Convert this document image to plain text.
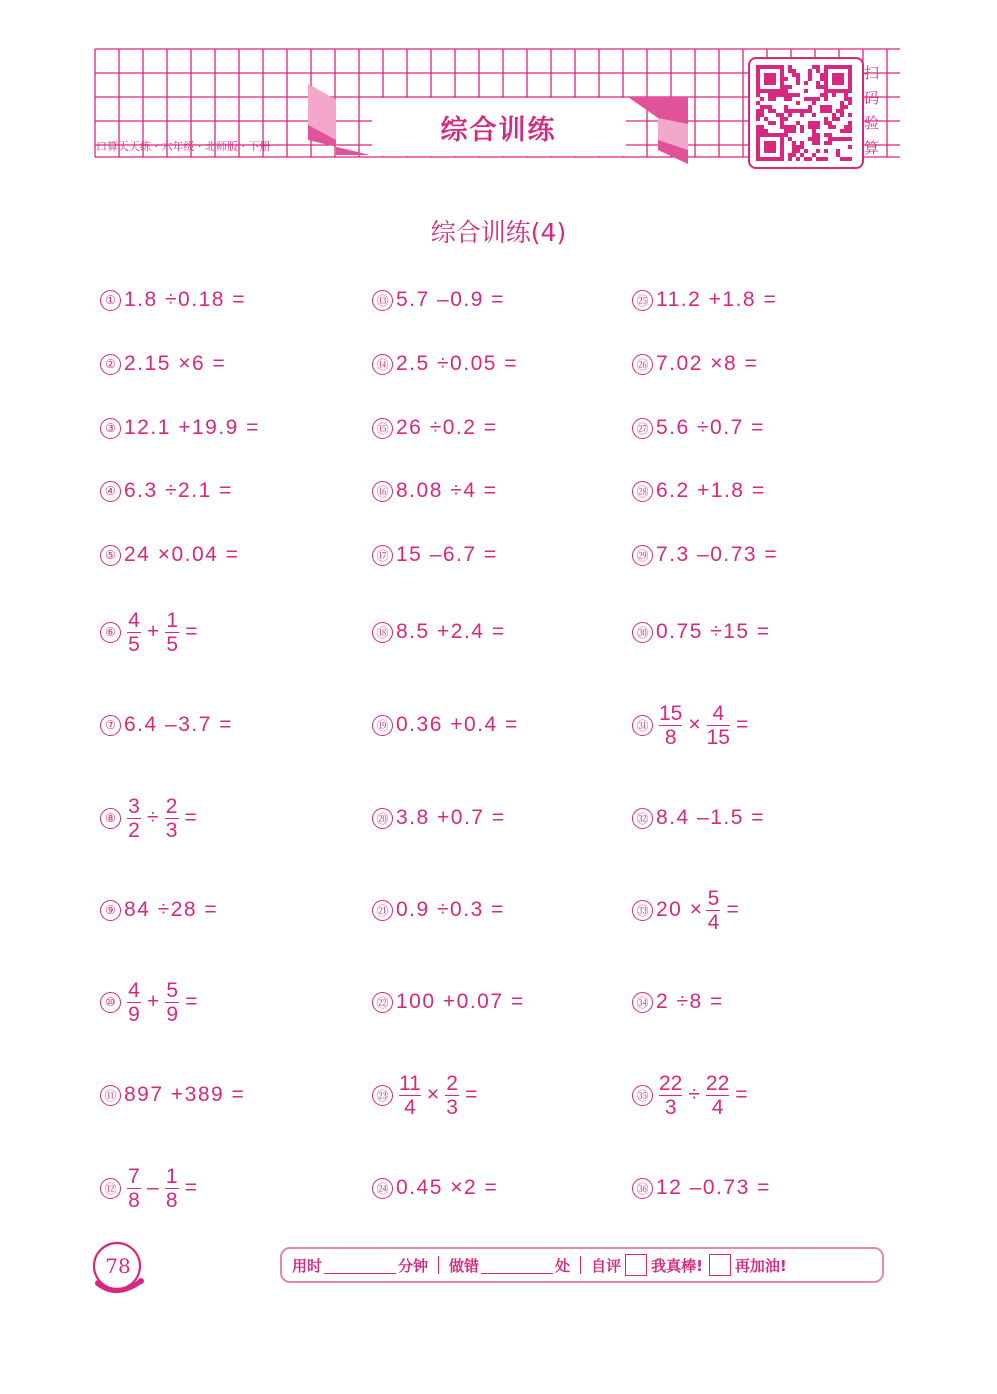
口算天天练 · 六年级 · 北师版 · 下册
综合训练
扫
码
验
算
综合训练(4)
① 1.8 ÷0.18 =
② 2.15 ×6 =
③ 12.1 +19.9 =
④ 6.3 ÷2.1 =
⑤ 24 ×0.04 =
⑥ $\frac{4}{5} + \frac{1}{5}$ =
⑦ 6.4 –3.7 =
⑧ $\frac{3}{2} \div \frac{2}{3}$ =
⑨ 84 ÷28 =
⑩ $\frac{4}{9} + \frac{5}{9}$ =
⑪ 897 +389 =
⑫ $\frac{7}{8} - \frac{1}{8}$ =
⑬ 5.7 –0.9 =
⑭ 2.5 ÷0.05 =
⑮ 26 ÷0.2 =
⑯ 8.08 ÷4 =
⑰ 15 –6.7 =
⑱ 8.5 +2.4 =
⑲ 0.36 +0.4 =
⑳ 3.8 +0.7 =
㉑ 0.9 ÷0.3 =
㉒ 100 +0.07 =
㉓ $\frac{11}{4} \times \frac{2}{3}$ =
㉔ 0.45 ×2 =
㉕ 11.2 +1.8 =
㉖ 7.02 ×8 =
㉗ 5.6 ÷0.7 =
㉘ 6.2 +1.8 =
㉙ 7.3 –0.73 =
㉚ 0.75 ÷15 =
㉛ $\frac{15}{8} \times \frac{4}{15}$ =
㉜ 8.4 –1.5 =
㉝ $20 \times \frac{5}{4}$ =
㉞ 2 ÷8 =
㉟ $\frac{22}{3} \div \frac{22}{4}$ =
㊱ 12 –0.73 =
78	用时	分钟 做错	处 自评 我真棒! 再加油!
